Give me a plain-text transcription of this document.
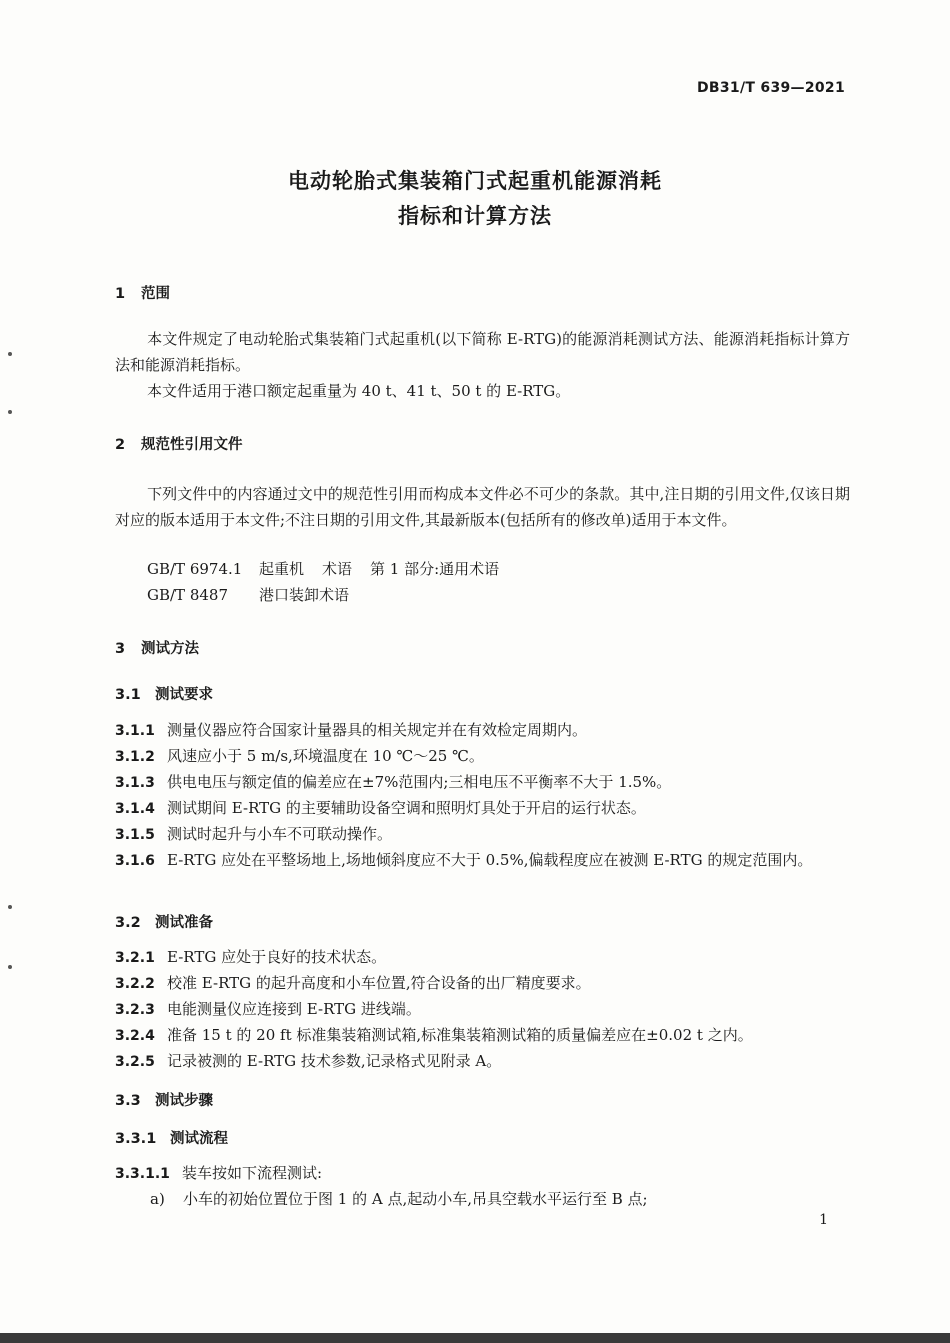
DB31/T 639—2021
电动轮胎式集装箱门式起重机能源消耗
指标和计算方法
1 范围
本文件规定了电动轮胎式集装箱门式起重机(以下简称 E-RTG)的能源消耗测试方法、能源消耗指标计算方法和能源消耗指标。
本文件适用于港口额定起重量为 40 t、41 t、50 t 的 E-RTG。
2 规范性引用文件
下列文件中的内容通过文中的规范性引用而构成本文件必不可少的条款。其中,注日期的引用文件,仅该日期对应的版本适用于本文件;不注日期的引用文件,其最新版本(包括所有的修改单)适用于本文件。
GB/T 6974.1 起重机 术语 第 1 部分:通用术语
GB/T 8487 港口装卸术语
3 测试方法
3.1 测试要求
3.1.1 测量仪器应符合国家计量器具的相关规定并在有效检定周期内。
3.1.2 风速应小于 5 m/s,环境温度在 10 ℃～25 ℃。
3.1.3 供电电压与额定值的偏差应在±7%范围内;三相电压不平衡率不大于 1.5%。
3.1.4 测试期间 E-RTG 的主要辅助设备空调和照明灯具处于开启的运行状态。
3.1.5 测试时起升与小车不可联动操作。
3.1.6 E-RTG 应处在平整场地上,场地倾斜度应不大于 0.5%,偏载程度应在被测 E-RTG 的规定范围内。
3.2 测试准备
3.2.1 E-RTG 应处于良好的技术状态。
3.2.2 校准 E-RTG 的起升高度和小车位置,符合设备的出厂精度要求。
3.2.3 电能测量仪应连接到 E-RTG 进线端。
3.2.4 准备 15 t 的 20 ft 标准集装箱测试箱,标准集装箱测试箱的质量偏差应在±0.02 t 之内。
3.2.5 记录被测的 E-RTG 技术参数,记录格式见附录 A。
3.3 测试步骤
3.3.1 测试流程
3.3.1.1 装车按如下流程测试:
a) 小车的初始位置位于图 1 的 A 点,起动小车,吊具空载水平运行至 B 点;
1
